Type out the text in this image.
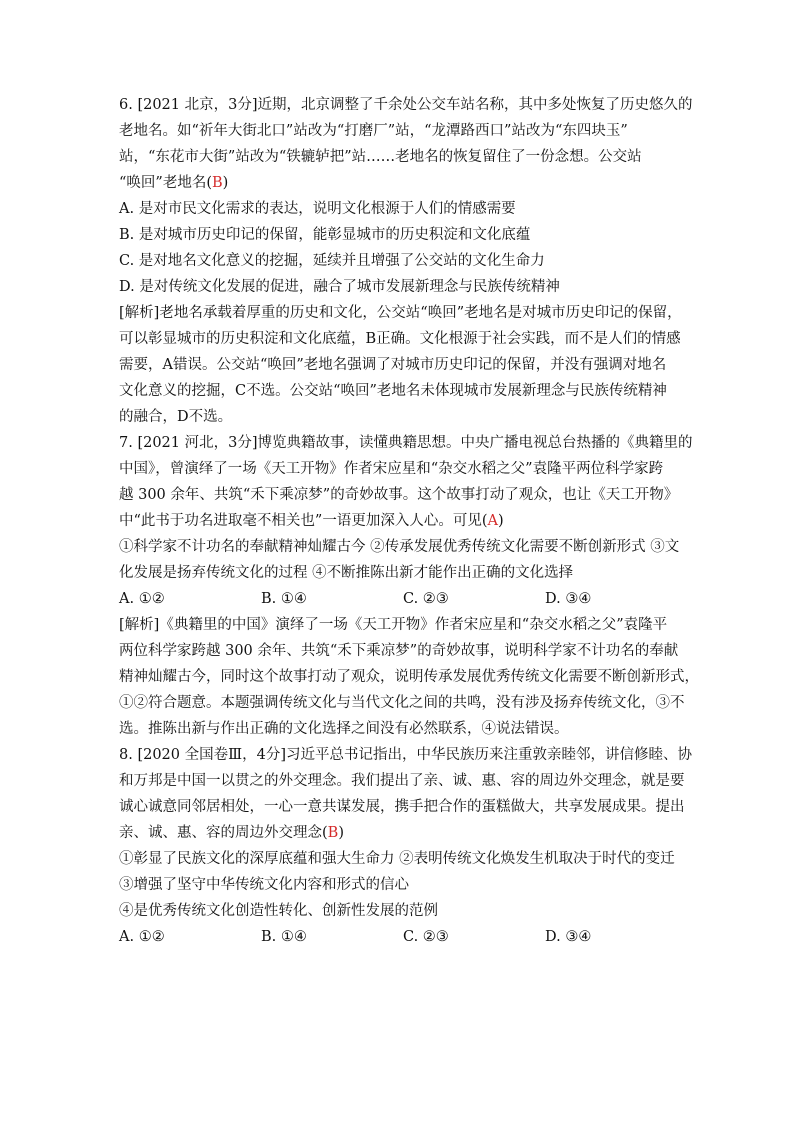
6. [2021 北京，3分]近期，北京调整了千余处公交车站名称，其中多处恢复了历史悠久的
老地名。如“祈年大街北口”站改为“打磨厂”站，“龙潭路西口”站改为“东四块玉”
站，“东花市大街”站改为“铁辘轳把”站……老地名的恢复留住了一份念想。公交站
“唤回”老地名(B)
A. 是对市民文化需求的表达，说明文化根源于人们的情感需要
B. 是对城市历史印记的保留，能彰显城市的历史积淀和文化底蕴
C. 是对地名文化意义的挖掘，延续并且增强了公交站的文化生命力
D. 是对传统文化发展的促进，融合了城市发展新理念与民族传统精神
[解析]老地名承载着厚重的历史和文化，公交站“唤回”老地名是对城市历史印记的保留，
可以彰显城市的历史积淀和文化底蕴，B正确。文化根源于社会实践，而不是人们的情感
需要，A错误。公交站“唤回”老地名强调了对城市历史印记的保留，并没有强调对地名
文化意义的挖掘，C不选。公交站“唤回”老地名未体现城市发展新理念与民族传统精神
的融合，D不选。
7. [2021 河北，3分]博览典籍故事，读懂典籍思想。中央广播电视总台热播的《典籍里的
中国》，曾演绎了一场《天工开物》作者宋应星和“杂交水稻之父”袁隆平两位科学家跨
越 300 余年、共筑“禾下乘凉梦”的奇妙故事。这个故事打动了观众，也让《天工开物》
中“此书于功名进取毫不相关也”一语更加深入人心。可见(A)
①科学家不计功名的奉献精神灿耀古今 ②传承发展优秀传统文化需要不断创新形式 ③文
化发展是扬弃传统文化的过程 ④不断推陈出新才能作出正确的文化选择
A. ①②	B. ①④	C. ②③	D. ③④
[解析]《典籍里的中国》演绎了一场《天工开物》作者宋应星和“杂交水稻之父”袁隆平
两位科学家跨越 300 余年、共筑“禾下乘凉梦”的奇妙故事，说明科学家不计功名的奉献
精神灿耀古今，同时这个故事打动了观众，说明传承发展优秀传统文化需要不断创新形式，
①②符合题意。本题强调传统文化与当代文化之间的共鸣，没有涉及扬弃传统文化，③不
选。推陈出新与作出正确的文化选择之间没有必然联系，④说法错误。
8. [2020 全国卷Ⅲ，4分]习近平总书记指出，中华民族历来注重敦亲睦邻，讲信修睦、协
和万邦是中国一以贯之的外交理念。我们提出了亲、诚、惠、容的周边外交理念，就是要
诚心诚意同邻居相处，一心一意共谋发展，携手把合作的蛋糕做大，共享发展成果。提出
亲、诚、惠、容的周边外交理念(B)
①彰显了民族文化的深厚底蕴和强大生命力 ②表明传统文化焕发生机取决于时代的变迁
③增强了坚守中华传统文化内容和形式的信心
④是优秀传统文化创造性转化、创新性发展的范例
A. ①②	B. ①④	C. ②③	D. ③④
